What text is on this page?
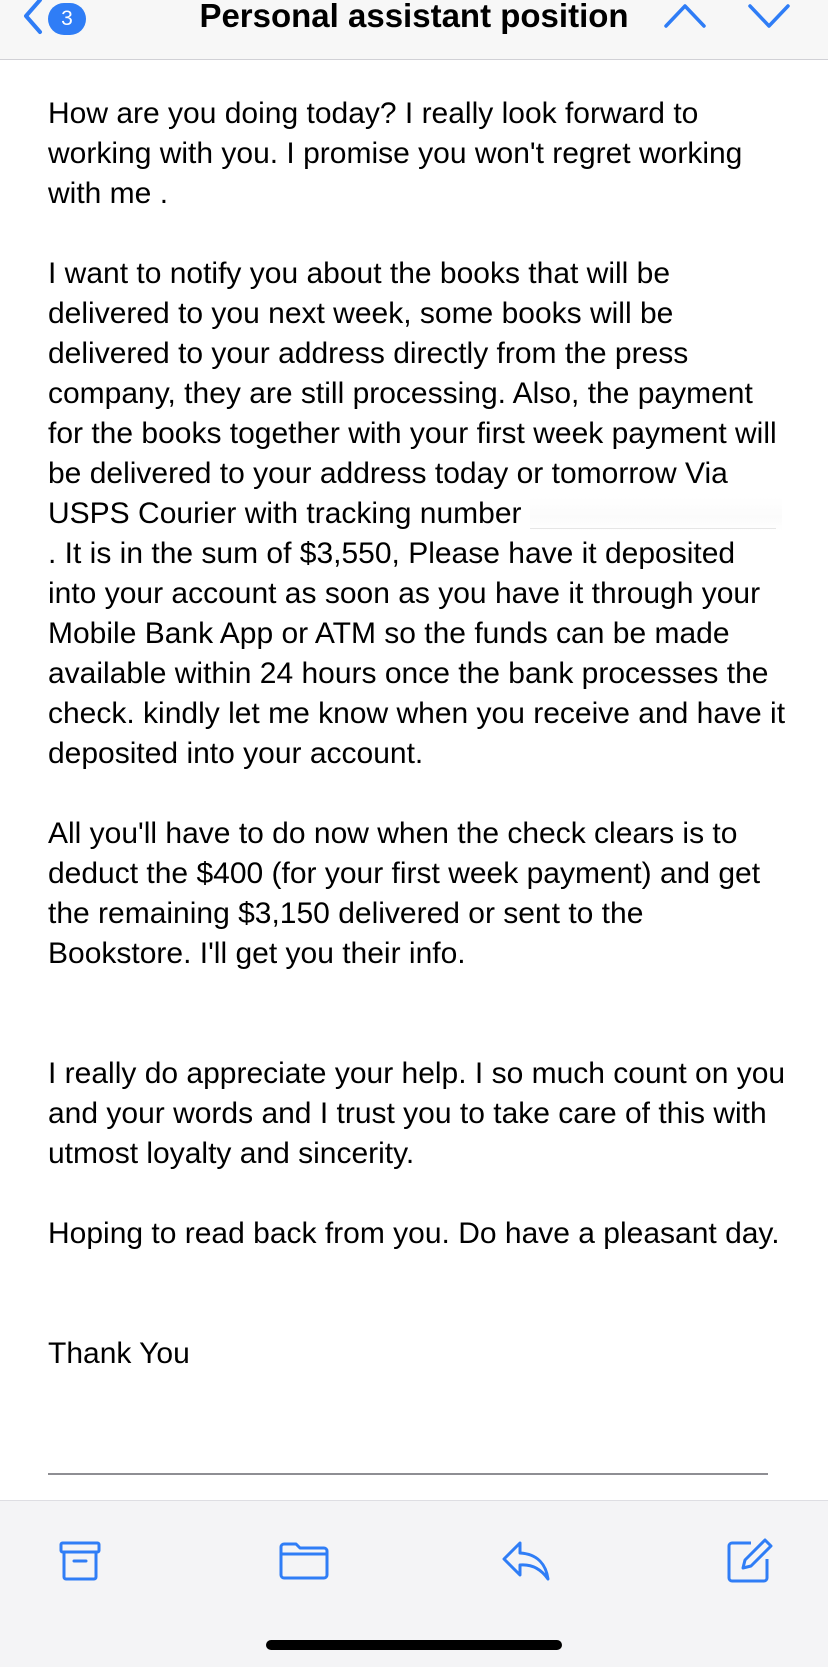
3	Personal assistant position

How are you doing today? I really look forward to working with you. I promise you won't regret working with me .

I want to notify you about the books that will be delivered to you next week, some books will be delivered to your address directly from the press company, they are still processing. Also, the payment for the books together with your first week payment will be delivered to your address today or tomorrow Via USPS Courier with tracking number  . It is in the sum of $3,550, Please have it deposited into your account as soon as you have it through your Mobile Bank App or ATM so the funds can be made available within 24 hours once the bank processes the check. kindly let me know when you receive and have it deposited into your account.

All you'll have to do now when the check clears is to deduct the $400 (for your first week payment) and get the remaining $3,150 delivered or sent to the Bookstore. I'll get you their info.

I really do appreciate your help. I so much count on you and your words and I trust you to take care of this with utmost loyalty and sincerity.

Hoping to read back from you. Do have a pleasant day.

Thank You
